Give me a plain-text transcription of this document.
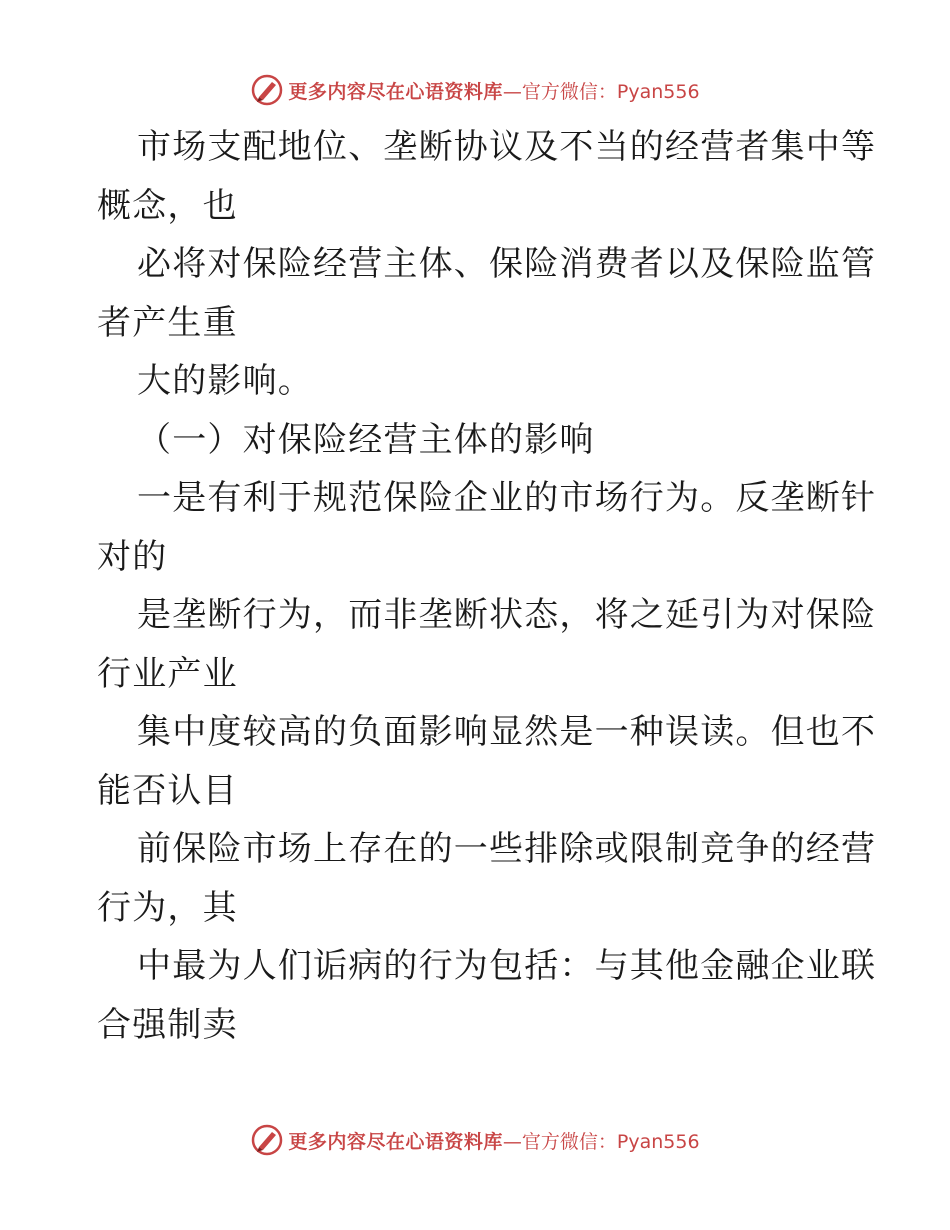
更多内容尽在心语资料库 —官方微信：Pyan556
市场支配地位、垄断协议及不当的经营者集中等
概念，也
必将对保险经营主体、保险消费者以及保险监管
者产生重
大的影响。
（一）对保险经营主体的影响
一是有利于规范保险企业的市场行为。反垄断针
对的
是垄断行为，而非垄断状态，将之延引为对保险
行业产业
集中度较高的负面影响显然是一种误读。但也不
能否认目
前保险市场上存在的一些排除或限制竞争的经营
行为，其
中最为人们诟病的行为包括：与其他金融企业联
合强制卖
更多内容尽在心语资料库 —官方微信：Pyan556
